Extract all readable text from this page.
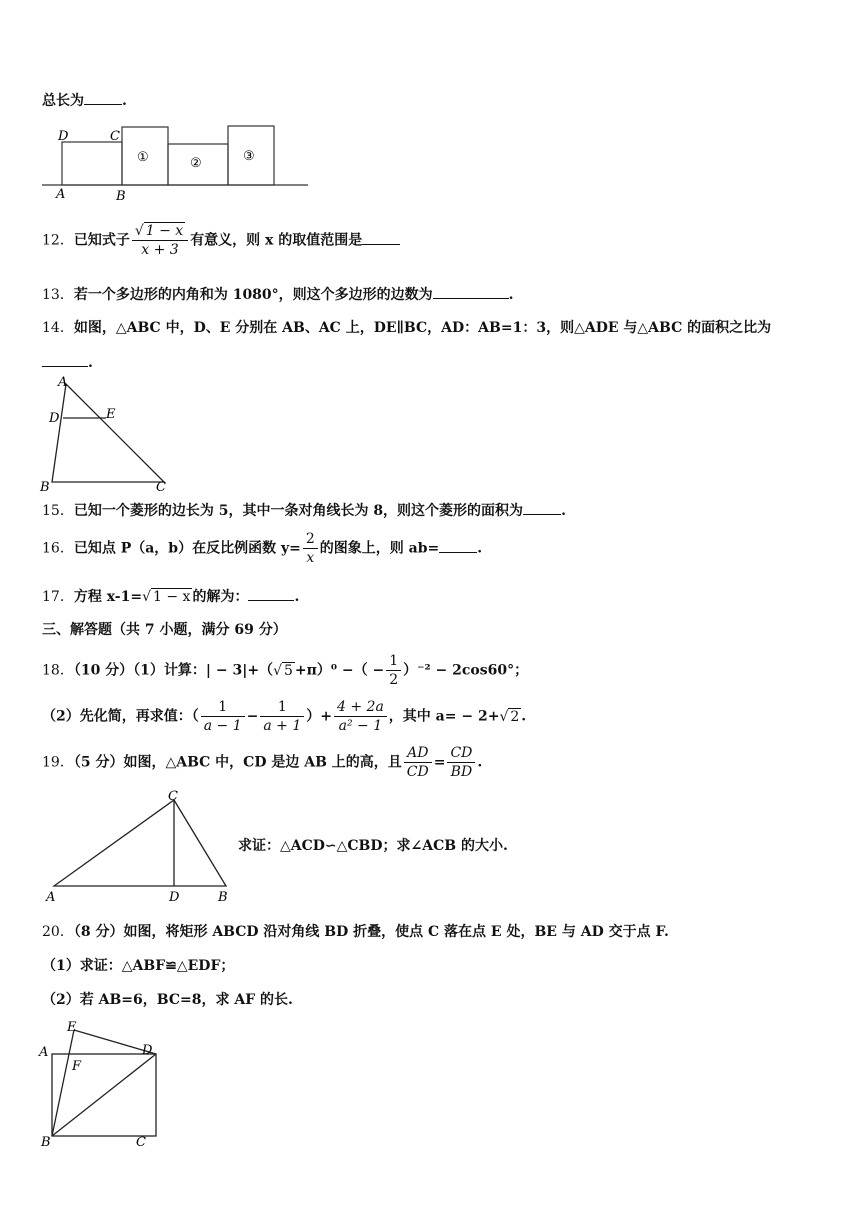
总长为	.
D	C
A	B
①	②	③
12．已知式子 $\frac{√ 1 - x}{x + 3}$ 有意义，则 x 的取值范围是
13．若一个多边形的内角和为 1080°，则这个多边形的边数为	.
14．如图，△ABC 中，D、E 分别在 AB、AC 上，DE∥BC，AD：AB=1：3，则△ADE 与△ABC 的面积之比为
.
A
D	E
B	C
15．已知一个菱形的边长为 5，其中一条对角线长为 8，则这个菱形的面积为	.
16．已知点 P（a，b）在反比例函数 $y= \frac{2}{x}$ 的图象上，则 ab=	.
17．方程 x-1=√ 1 − x 的解为：	.
三、解答题（共 7 小题，满分 69 分）
18．（10 分）（1）计算：| − 3|+（√ 5 +π）⁰ −（ − $\frac{1}{2} )^{-2} - 2\cos 60^\circ$；
（2）先化简，再求值：（ $\frac{1}{a - 1} - \frac{1}{a + 1}$ ）+ $\frac{4 + 2a}{\text{a² − 1}}$ ，其中 a= − 2+√ 2 .
19．（5 分）如图，△ABC 中，CD 是边 AB 上的高，且 $\frac{AD}{CD} = \frac{CD}{BD}$ .
C
A	D	B
求证：△ACD∽△CBD；求∠ACB 的大小.
20．（8 分）如图，将矩形 ABCD 沿对角线 BD 折叠，使点 C 落在点 E 处，BE 与 AD 交于点 F.
（1）求证：△ABF≌△EDF；
（2）若 AB=6，BC=8，求 AF 的长.
E
A	D
F
B	C
